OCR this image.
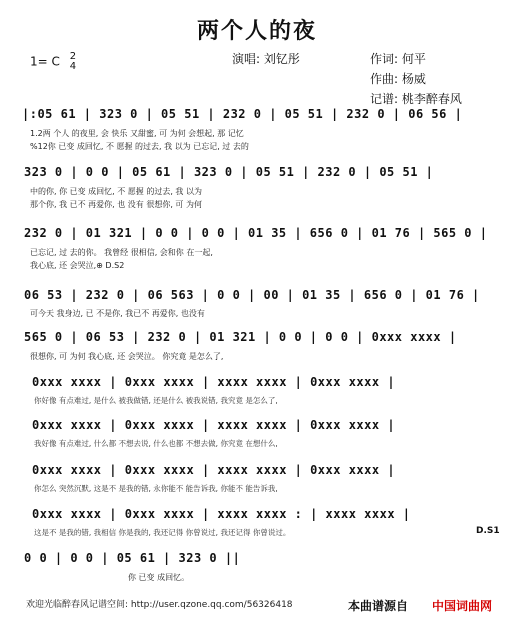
两个人的夜
1= C 2
4
演唱: 刘钇彤	作词: 何平
作曲: 杨威
记谱: 桃李醉春风
|:05 61 | 323 0 | 05 51 | 232 0 | 05 51 | 232 0 | 06 56 |
1.2两 个人 的夜里, 会 快乐 又甜蜜, 可 为何 会想起, 那 记忆
%12你 已变 成回忆, 不 愿握 的过去, 我 以为 已忘记, 过 去的
323 0 | 0 0 | 05 61 | 323 0 | 05 51 | 232 0 | 05 51 |
中的你, 你 已变 成回忆, 不 愿握 的过去, 我 以为
那个你, 我 已不 再爱你, 也 没有 很想你, 可 为何
232 0 | 01 321 | 0 0 | 0 0 | 01 35 | 656 0 | 01 76 | 565 0 |
已忘记, 过 去的你。 我曾经 很相信, 会和你 在一起,
我心底, 还 会哭泣,⊕ D.S2
06 53 | 232 0 | 06 563 | 0 0 | 00 | 01 35 | 656 0 | 01 76 |
可今天 我身边, 已 不是你, 我已不 再爱你, 也没有
565 0 | 06 53 | 232 0 | 01 321 | 0 0 | 0 0 | 0xxx xxxx |
很想你, 可 为何 我心底, 还 会哭泣。 你究竟 是怎么了,
0xxx xxxx | 0xxx xxxx | xxxx xxxx | 0xxx xxxx |
你好像 有点难过, 是什么 被我做错, 还是什么 被我说错, 我究竟 是怎么了,
0xxx xxxx | 0xxx xxxx | xxxx xxxx | 0xxx xxxx |
我好像 有点难过, 什么都 不想去说, 什么也都 不想去做, 你究竟 在想什么,
0xxx xxxx | 0xxx xxxx | xxxx xxxx | 0xxx xxxx |
你怎么 突然沉默, 这是不 是我的错, 永你能不 能告诉我, 你能不 能告诉我,
0xxx xxxx | 0xxx xxxx | xxxx xxxx : | xxxx xxxx |
这是不 是我的错, 我相信 你是我的, 我还记得 你曾说过, 我还记得 你曾说过。	D.S1
0 0 | 0 0 | 05 61 | 323 0 ||
你 已变 成回忆。
欢迎光临醉春风记谱空间: http://user.qzone.qq.com/56326418	本曲谱源自 中国词曲网
